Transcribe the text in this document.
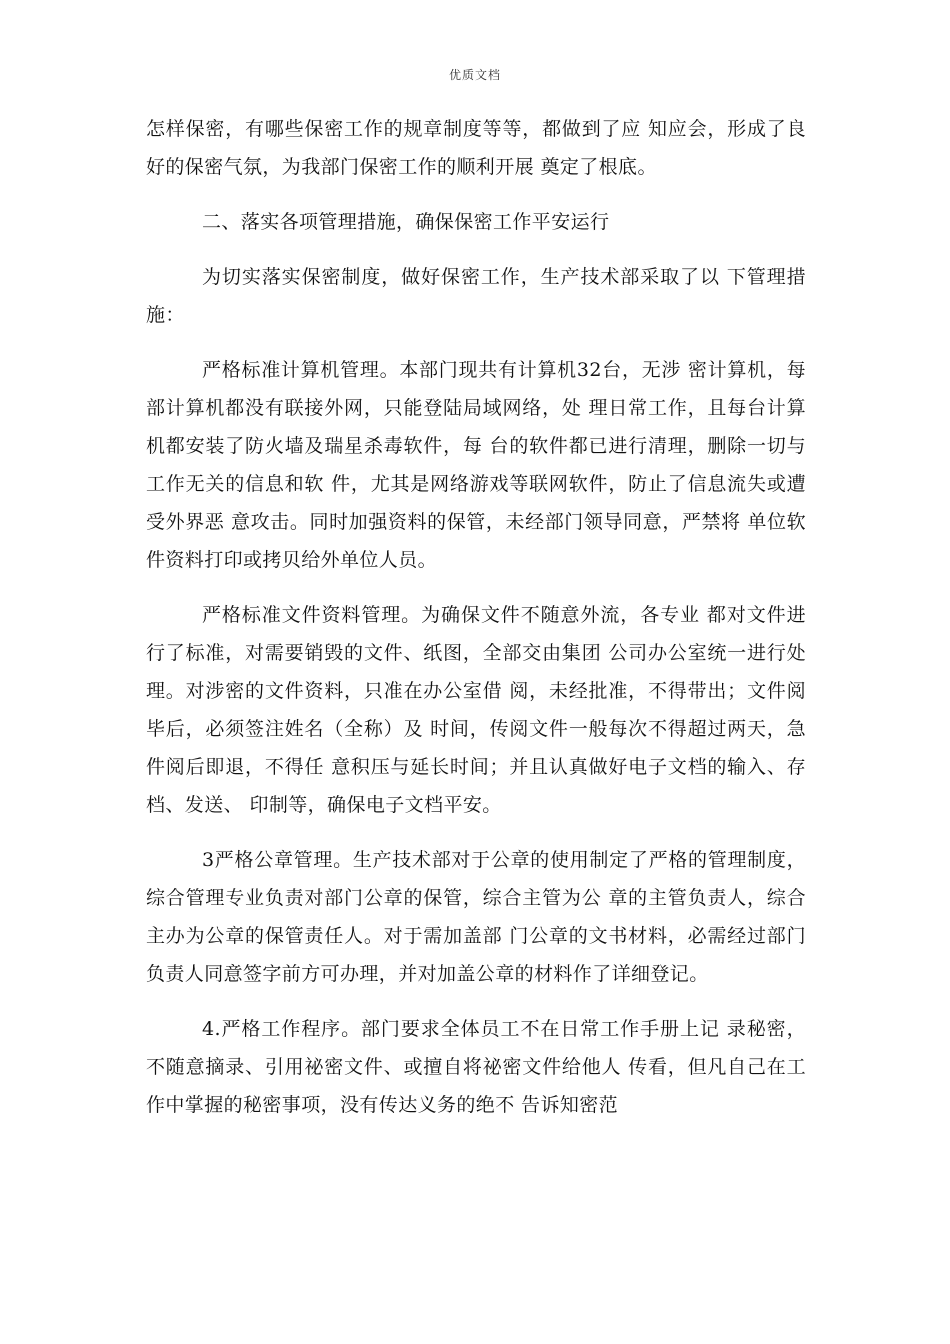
优质文档

怎样保密，有哪些保密工作的规章制度等等，都做到了应 知应会，形成了良好的保密气氛，为我部门保密工作的顺利开展 奠定了根底。

二、落实各项管理措施，确保保密工作平安运行

为切实落实保密制度，做好保密工作，生产技术部采取了以 下管理措施：

严格标准计算机管理。本部门现共有计算机32台，无涉 密计算机，每部计算机都没有联接外网，只能登陆局域网络，处 理日常工作，且每台计算机都安装了防火墙及瑞星杀毒软件，每 台的软件都已进行清理，删除一切与工作无关的信息和软 件，尤其是网络游戏等联网软件，防止了信息流失或遭受外界恶 意攻击。同时加强资料的保管，未经部门领导同意，严禁将 单位软件资料打印或拷贝给外单位人员。

严格标准文件资料管理。为确保文件不随意外流，各专业 都对文件进行了标准，对需要销毁的文件、纸图，全部交由集团 公司办公室统一进行处理。对涉密的文件资料，只准在办公室借 阅，未经批准，不得带出；文件阅毕后，必须签注姓名（全称）及 时间，传阅文件一般每次不得超过两天，急件阅后即退，不得任 意积压与延长时间；并且认真做好电子文档的输入、存档、发送、 印制等，确保电子文档平安。

3严格公章管理。生产技术部对于公章的使用制定了严格的管理制度，综合管理专业负责对部门公章的保管，综合主管为公 章的主管负责人，综合主办为公章的保管责任人。对于需加盖部 门公章的文书材料，必需经过部门负责人同意签字前方可办理，并对加盖公章的材料作了详细登记。

4.严格工作程序。部门要求全体员工不在日常工作手册上记 录秘密，不随意摘录、引用祕密文件、或擅自将祕密文件给他人 传看，但凡自己在工作中掌握的秘密事项，没有传达义务的绝不 告诉知密范
